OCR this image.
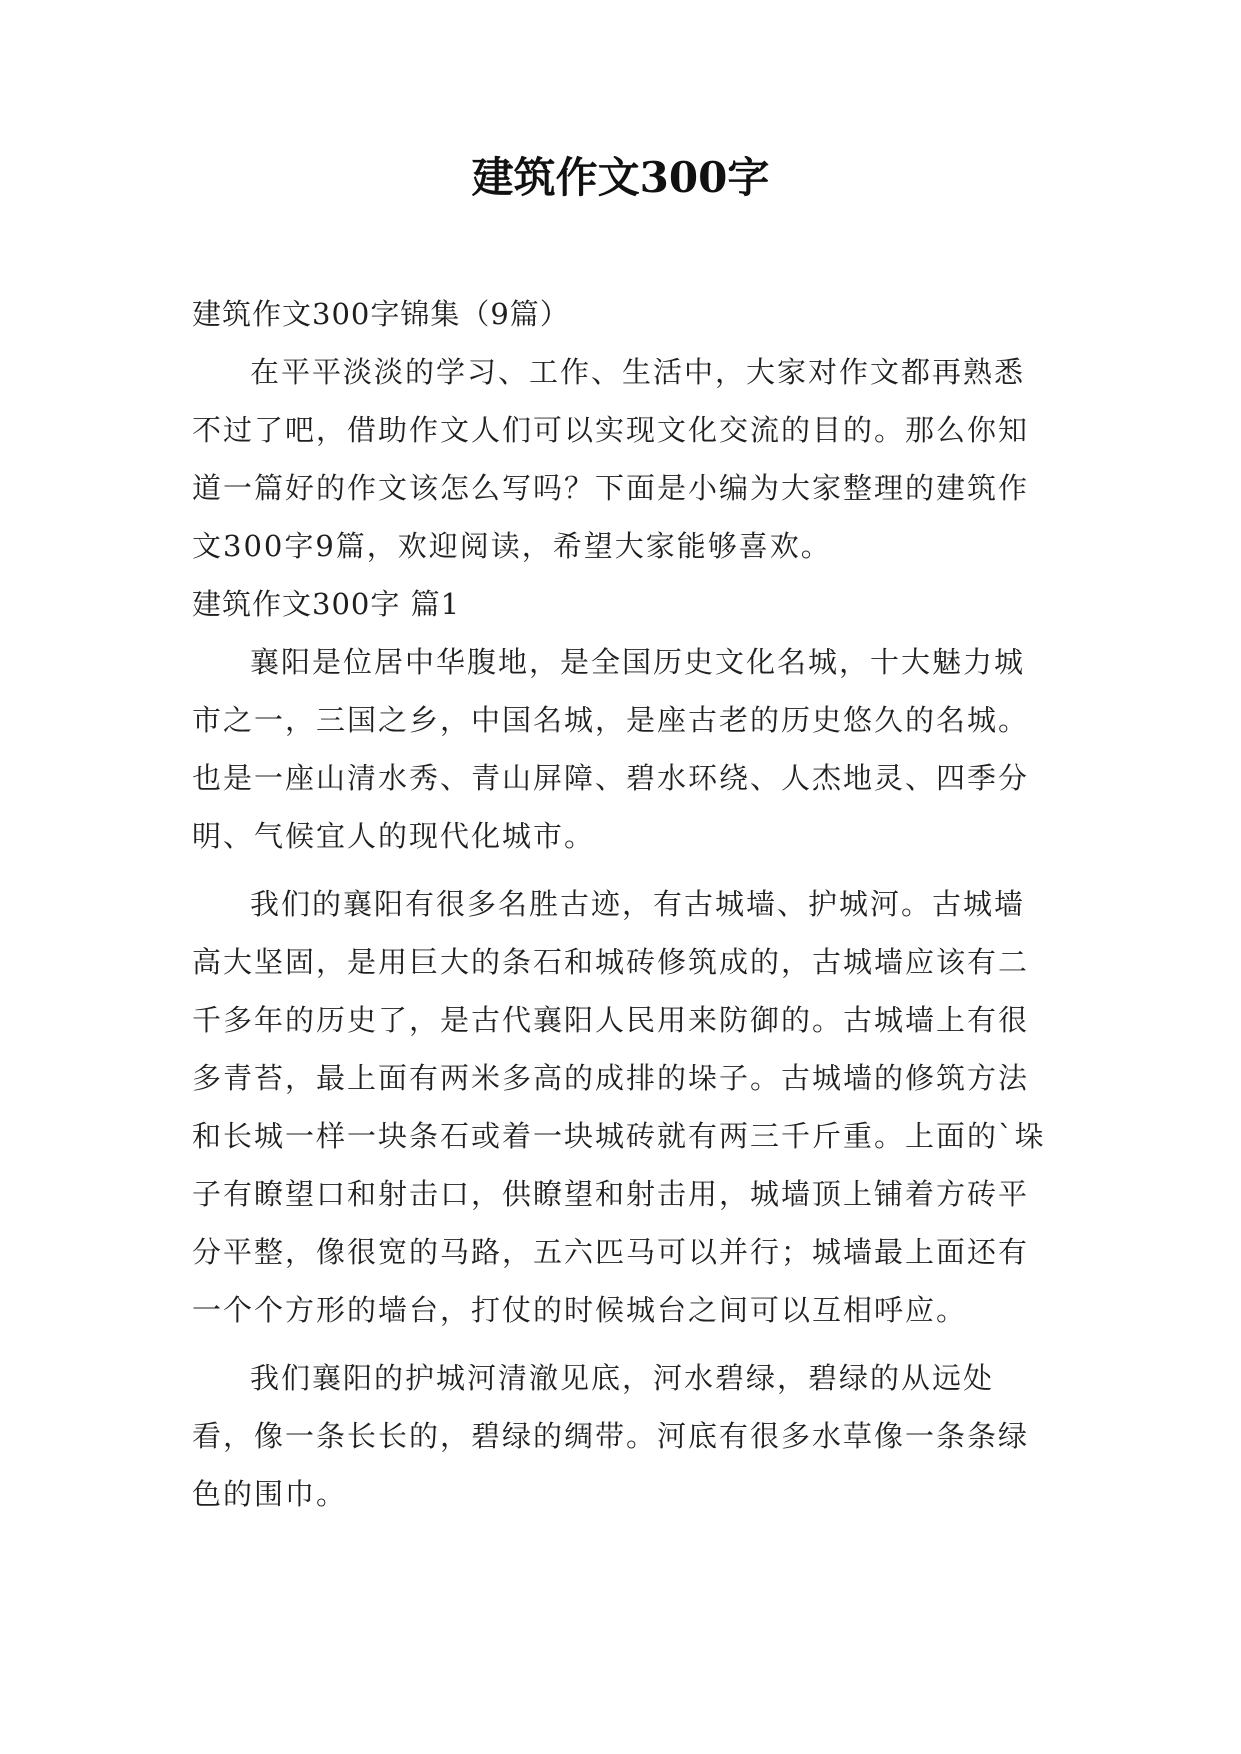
建筑作文300字

建筑作文300字锦集（9篇）

在平平淡淡的学习、工作、生活中，大家对作文都再熟悉不过了吧，借助作文人们可以实现文化交流的目的。那么你知道一篇好的作文该怎么写吗？下面是小编为大家整理的建筑作文300字9篇，欢迎阅读，希望大家能够喜欢。

建筑作文300字 篇1

襄阳是位居中华腹地，是全国历史文化名城，十大魅力城市之一，三国之乡，中国名城，是座古老的历史悠久的名城。也是一座山清水秀、青山屏障、碧水环绕、人杰地灵、四季分明、气候宜人的现代化城市。

我们的襄阳有很多名胜古迹，有古城墙、护城河。古城墙高大坚固，是用巨大的条石和城砖修筑成的，古城墙应该有二千多年的历史了，是古代襄阳人民用来防御的。古城墙上有很多青苔，最上面有两米多高的成排的垛子。古城墙的修筑方法和长城一样一块条石或着一块城砖就有两三千斤重。上面的`垛子有瞭望口和射击口，供瞭望和射击用，城墙顶上铺着方砖平分平整，像很宽的马路，五六匹马可以并行；城墙最上面还有一个个方形的墙台，打仗的时候城台之间可以互相呼应。

我们襄阳的护城河清澈见底，河水碧绿，碧绿的从远处看，像一条长长的，碧绿的绸带。河底有很多水草像一条条绿色的围巾。
